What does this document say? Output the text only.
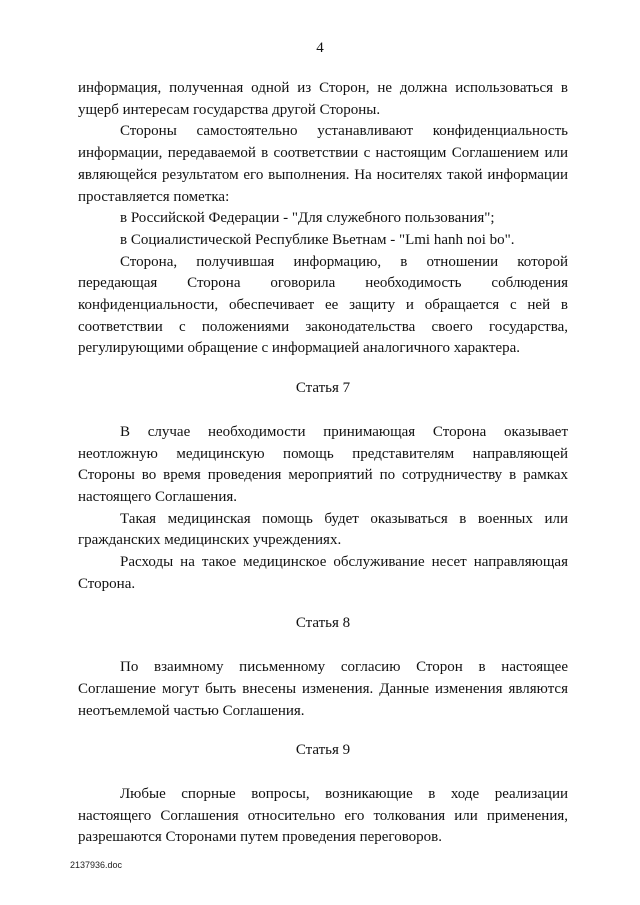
4

информация, полученная одной из Сторон, не должна использоваться в ущерб интересам государства другой Стороны.

Стороны самостоятельно устанавливают конфиденциальность информации, передаваемой в соответствии с настоящим Соглашением или являющейся результатом его выполнения. На носителях такой информации проставляется пометка:

в Российской Федерации - "Для служебного пользования";

в Социалистической Республике Вьетнам - "Lmi hanh noi bo".

Сторона, получившая информацию, в отношении которой передающая Сторона оговорила необходимость соблюдения конфиденциальности, обеспечивает ее защиту и обращается с ней в соответствии с положениями законодательства своего государства, регулирующими обращение с информацией аналогичного характера.

Статья 7

В случае необходимости принимающая Сторона оказывает неотложную медицинскую помощь представителям направляющей Стороны во время проведения мероприятий по сотрудничеству в рамках настоящего Соглашения.

Такая медицинская помощь будет оказываться в военных или гражданских медицинских учреждениях.

Расходы на такое медицинское обслуживание несет направляющая Сторона.

Статья 8

По взаимному письменному согласию Сторон в настоящее Соглашение могут быть внесены изменения. Данные изменения являются неотъемлемой частью Соглашения.

Статья 9

Любые спорные вопросы, возникающие в ходе реализации настоящего Соглашения относительно его толкования или применения, разрешаются Сторонами путем проведения переговоров.

2137936.doc
